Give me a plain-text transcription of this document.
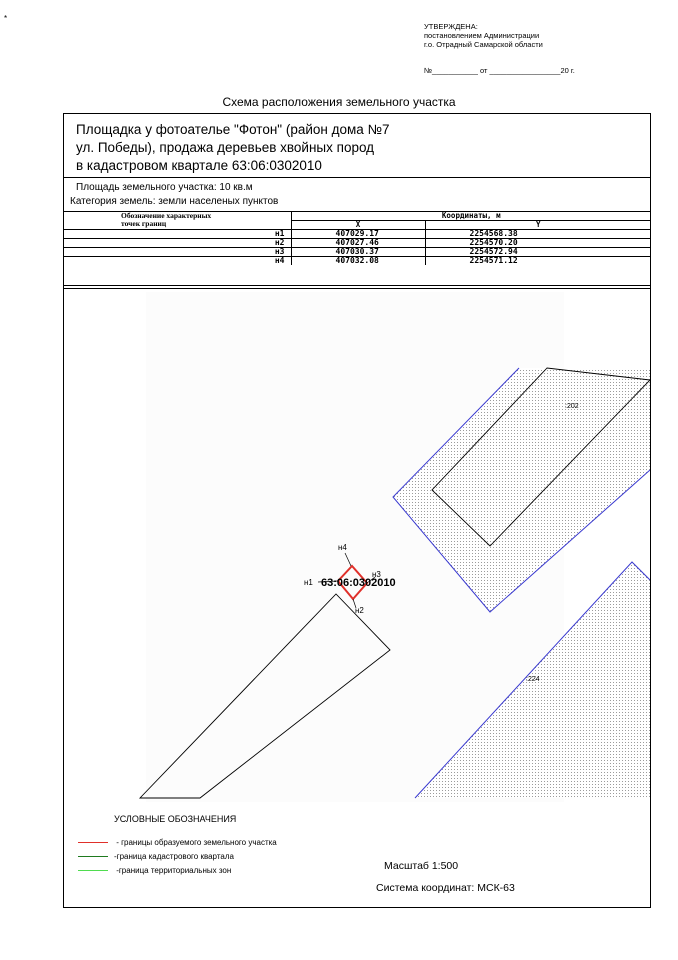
*
УТВЕРЖДЕНА:
постановлением Администрации
г.о. Отрадный Самарской области
№___________ от _________________20 г.
Схема расположения земельного участка
Площадка у фотоателье "Фотон" (район дома №7
ул. Победы), продажа деревьев хвойных пород
в кадастровом квартале 63:06:0302010
Площадь земельного участка: 10 кв.м
Категория земель: земли населеных пунктов
Обозначение характерных
точек границ	Координаты, м	
	X	Y
н1	407029.17	2254568.38
н2	407027.46	2254570.20
н3	407030.37	2254572.94
н4	407032.08	2254571.12
:202
:224
н4
н3
н2
н1 63:06:0302010
УСЛОВНЫЕ ОБОЗНАЧЕНИЯ
- границы образуемого земельного участка
-граница кадастрового квартала
-граница территориальных зон	Масштаб 1:500
Система координат: МСК-63
